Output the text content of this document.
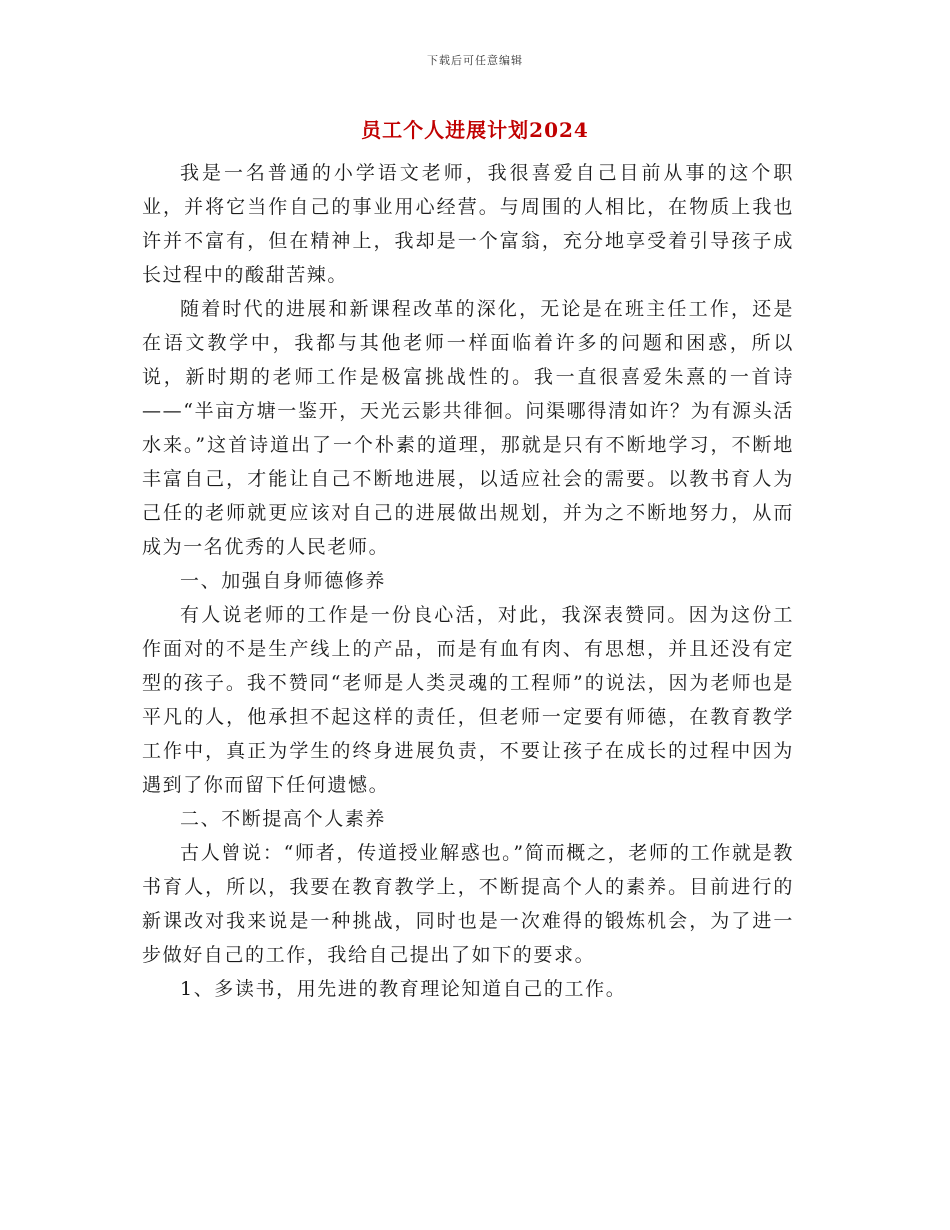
下载后可任意编辑
员工个人进展计划2024

我是一名普通的小学语文老师，我很喜爱自己目前从事的这个职业，并将它当作自己的事业用心经营。与周围的人相比，在物质上我也许并不富有，但在精神上，我却是一个富翁，充分地享受着引导孩子成长过程中的酸甜苦辣。

随着时代的进展和新课程改革的深化，无论是在班主任工作，还是在语文教学中，我都与其他老师一样面临着许多的问题和困惑，所以说，新时期的老师工作是极富挑战性的。我一直很喜爱朱熹的一首诗——“半亩方塘一鉴开，天光云影共徘徊。问渠哪得清如许？为有源头活水来。”这首诗道出了一个朴素的道理，那就是只有不断地学习，不断地丰富自己，才能让自己不断地进展，以适应社会的需要。以教书育人为己任的老师就更应该对自己的进展做出规划，并为之不断地努力，从而成为一名优秀的人民老师。

一、加强自身师德修养

有人说老师的工作是一份良心活，对此，我深表赞同。因为这份工作面对的不是生产线上的产品，而是有血有肉、有思想，并且还没有定型的孩子。我不赞同“老师是人类灵魂的工程师”的说法，因为老师也是平凡的人，他承担不起这样的责任，但老师一定要有师德，在教育教学工作中，真正为学生的终身进展负责，不要让孩子在成长的过程中因为遇到了你而留下任何遗憾。

二、不断提高个人素养

古人曾说：“师者，传道授业解惑也。”简而概之，老师的工作就是教书育人，所以，我要在教育教学上，不断提高个人的素养。目前进行的新课改对我来说是一种挑战，同时也是一次难得的锻炼机会，为了进一步做好自己的工作，我给自己提出了如下的要求。

1、多读书，用先进的教育理论知道自己的工作。
